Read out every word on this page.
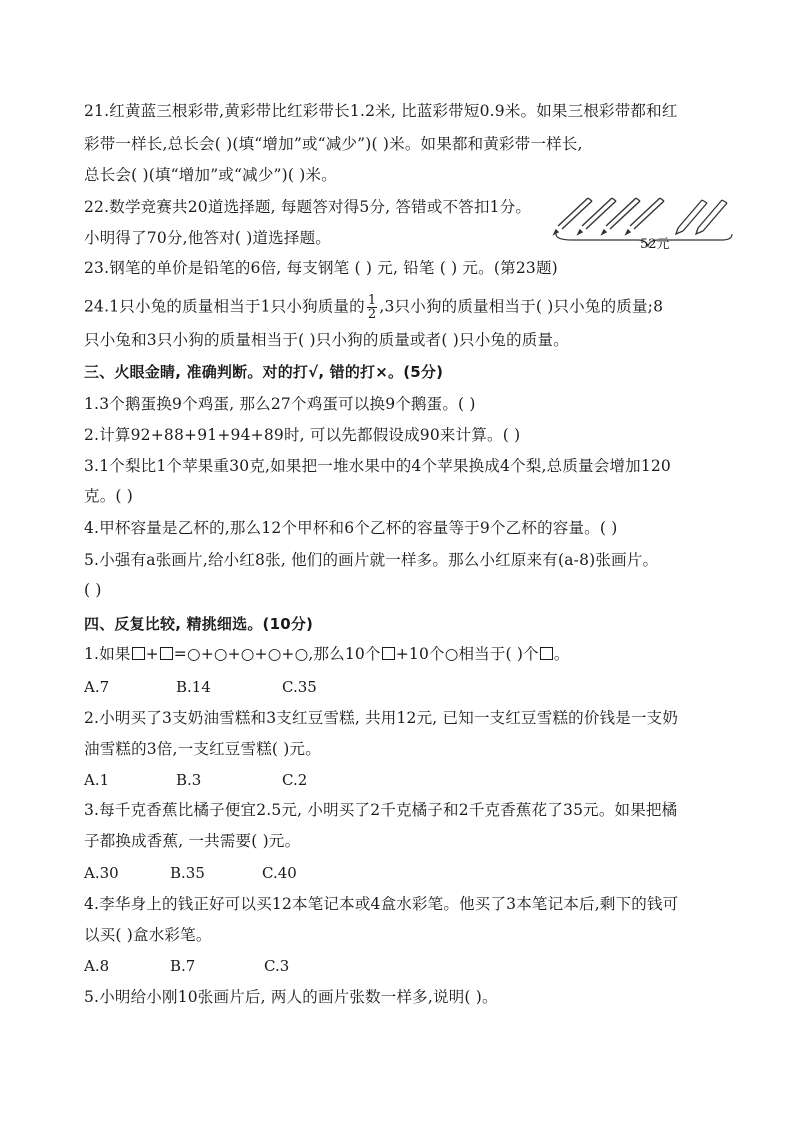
21.红黄蓝三根彩带,黄彩带比红彩带长1.2米, 比蓝彩带短0.9米。如果三根彩带都和红
彩带一样长,总长会( )(填“增加”或“减少”)( )米。如果都和黄彩带一样长,
总长会( )(填“增加”或“减少”)( )米。
22.数学竞赛共20道选择题, 每题答对得5分, 答错或不答扣1分。
小明得了70分,他答对( )道选择题。	52元
23.钢笔的单价是铅笔的6倍, 每支钢笔 ( ) 元, 铅笔 ( ) 元。(第23题)
24.1只小兔的质量相当于1只小狗质量的 $\frac{1}{2} ,3$只小狗的质量相当于( )只小兔的质量;8
只小兔和3只小狗的质量相当于( )只小狗的质量或者( )只小兔的质量。
三、火眼金睛, 准确判断。对的打√, 错的打×。(5分)
1.3个鹅蛋换9个鸡蛋, 那么27个鸡蛋可以换9个鹅蛋。( )
2.计算92+88+91+94+89时, 可以先都假设成90来计算。( )
3.1个梨比1个苹果重30克,如果把一堆水果中的4个苹果换成4个梨,总质量会增加120
克。( )
4.甲杯容量是乙杯的,那么12个甲杯和6个乙杯的容量等于9个乙杯的容量。( )
5.小强有a张画片,给小红8张, 他们的画片就一样多。那么小红原来有(a-8)张画片。
( )
四、反复比较, 精挑细选。(10分)
1.如果 + =○+○+○+○+○,那么10个 +10个○相当于( )个 。
A.7	B.14	C.35
2.小明买了3支奶油雪糕和3支红豆雪糕, 共用12元, 已知一支红豆雪糕的价钱是一支奶
油雪糕的3倍,一支红豆雪糕( )元。
A.1	B.3	C.2
3.每千克香蕉比橘子便宜2.5元, 小明买了2千克橘子和2千克香蕉花了35元。如果把橘
子都换成香蕉, 一共需要( )元。
A.30	B.35	C.40
4.李华身上的钱正好可以买12本笔记本或4盒水彩笔。他买了3本笔记本后,剩下的钱可
以买( )盒水彩笔。
A.8	B.7	C.3
5.小明给小刚10张画片后, 两人的画片张数一样多,说明( )。
